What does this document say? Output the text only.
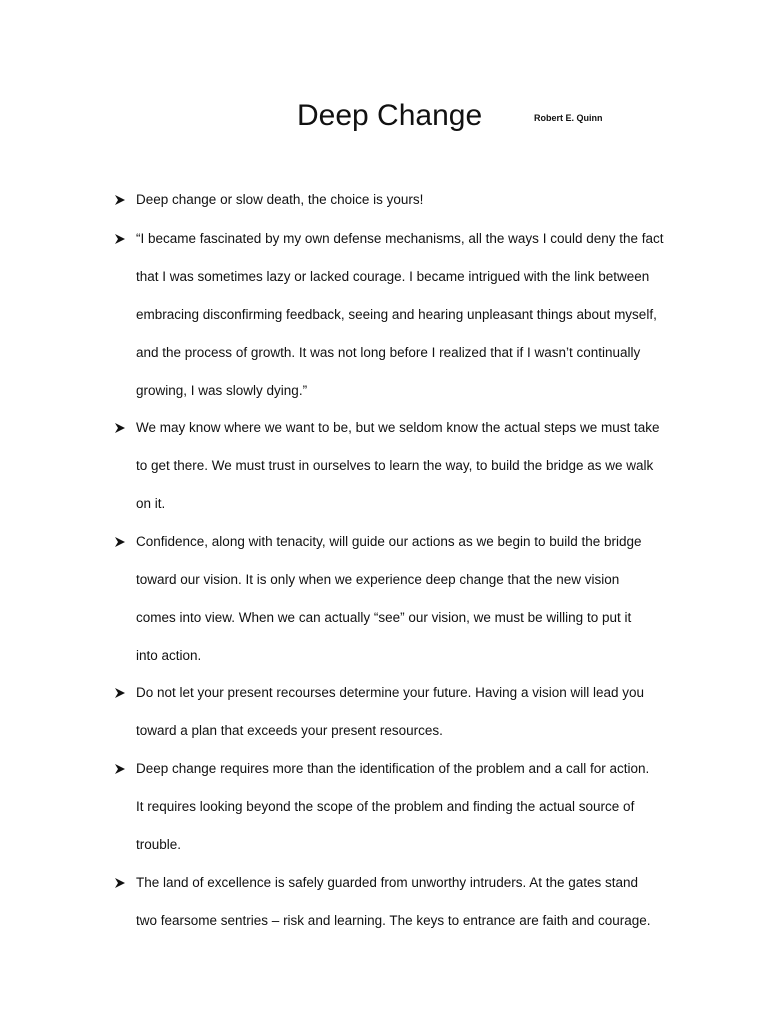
Deep Change	Robert E. Quinn
Deep change or slow death, the choice is yours!
“I became fascinated by my own defense mechanisms, all the ways I could deny the fact
that I was sometimes lazy or lacked courage. I became intrigued with the link between
embracing disconfirming feedback, seeing and hearing unpleasant things about myself,
and the process of growth. It was not long before I realized that if I wasn’t continually
growing, I was slowly dying.”
We may know where we want to be, but we seldom know the actual steps we must take
to get there. We must trust in ourselves to learn the way, to build the bridge as we walk
on it.
Confidence, along with tenacity, will guide our actions as we begin to build the bridge
toward our vision. It is only when we experience deep change that the new vision
comes into view. When we can actually “see” our vision, we must be willing to put it
into action.
Do not let your present recourses determine your future. Having a vision will lead you
toward a plan that exceeds your present resources.
Deep change requires more than the identification of the problem and a call for action.
It requires looking beyond the scope of the problem and finding the actual source of
trouble.
The land of excellence is safely guarded from unworthy intruders. At the gates stand
two fearsome sentries – risk and learning. The keys to entrance are faith and courage.
